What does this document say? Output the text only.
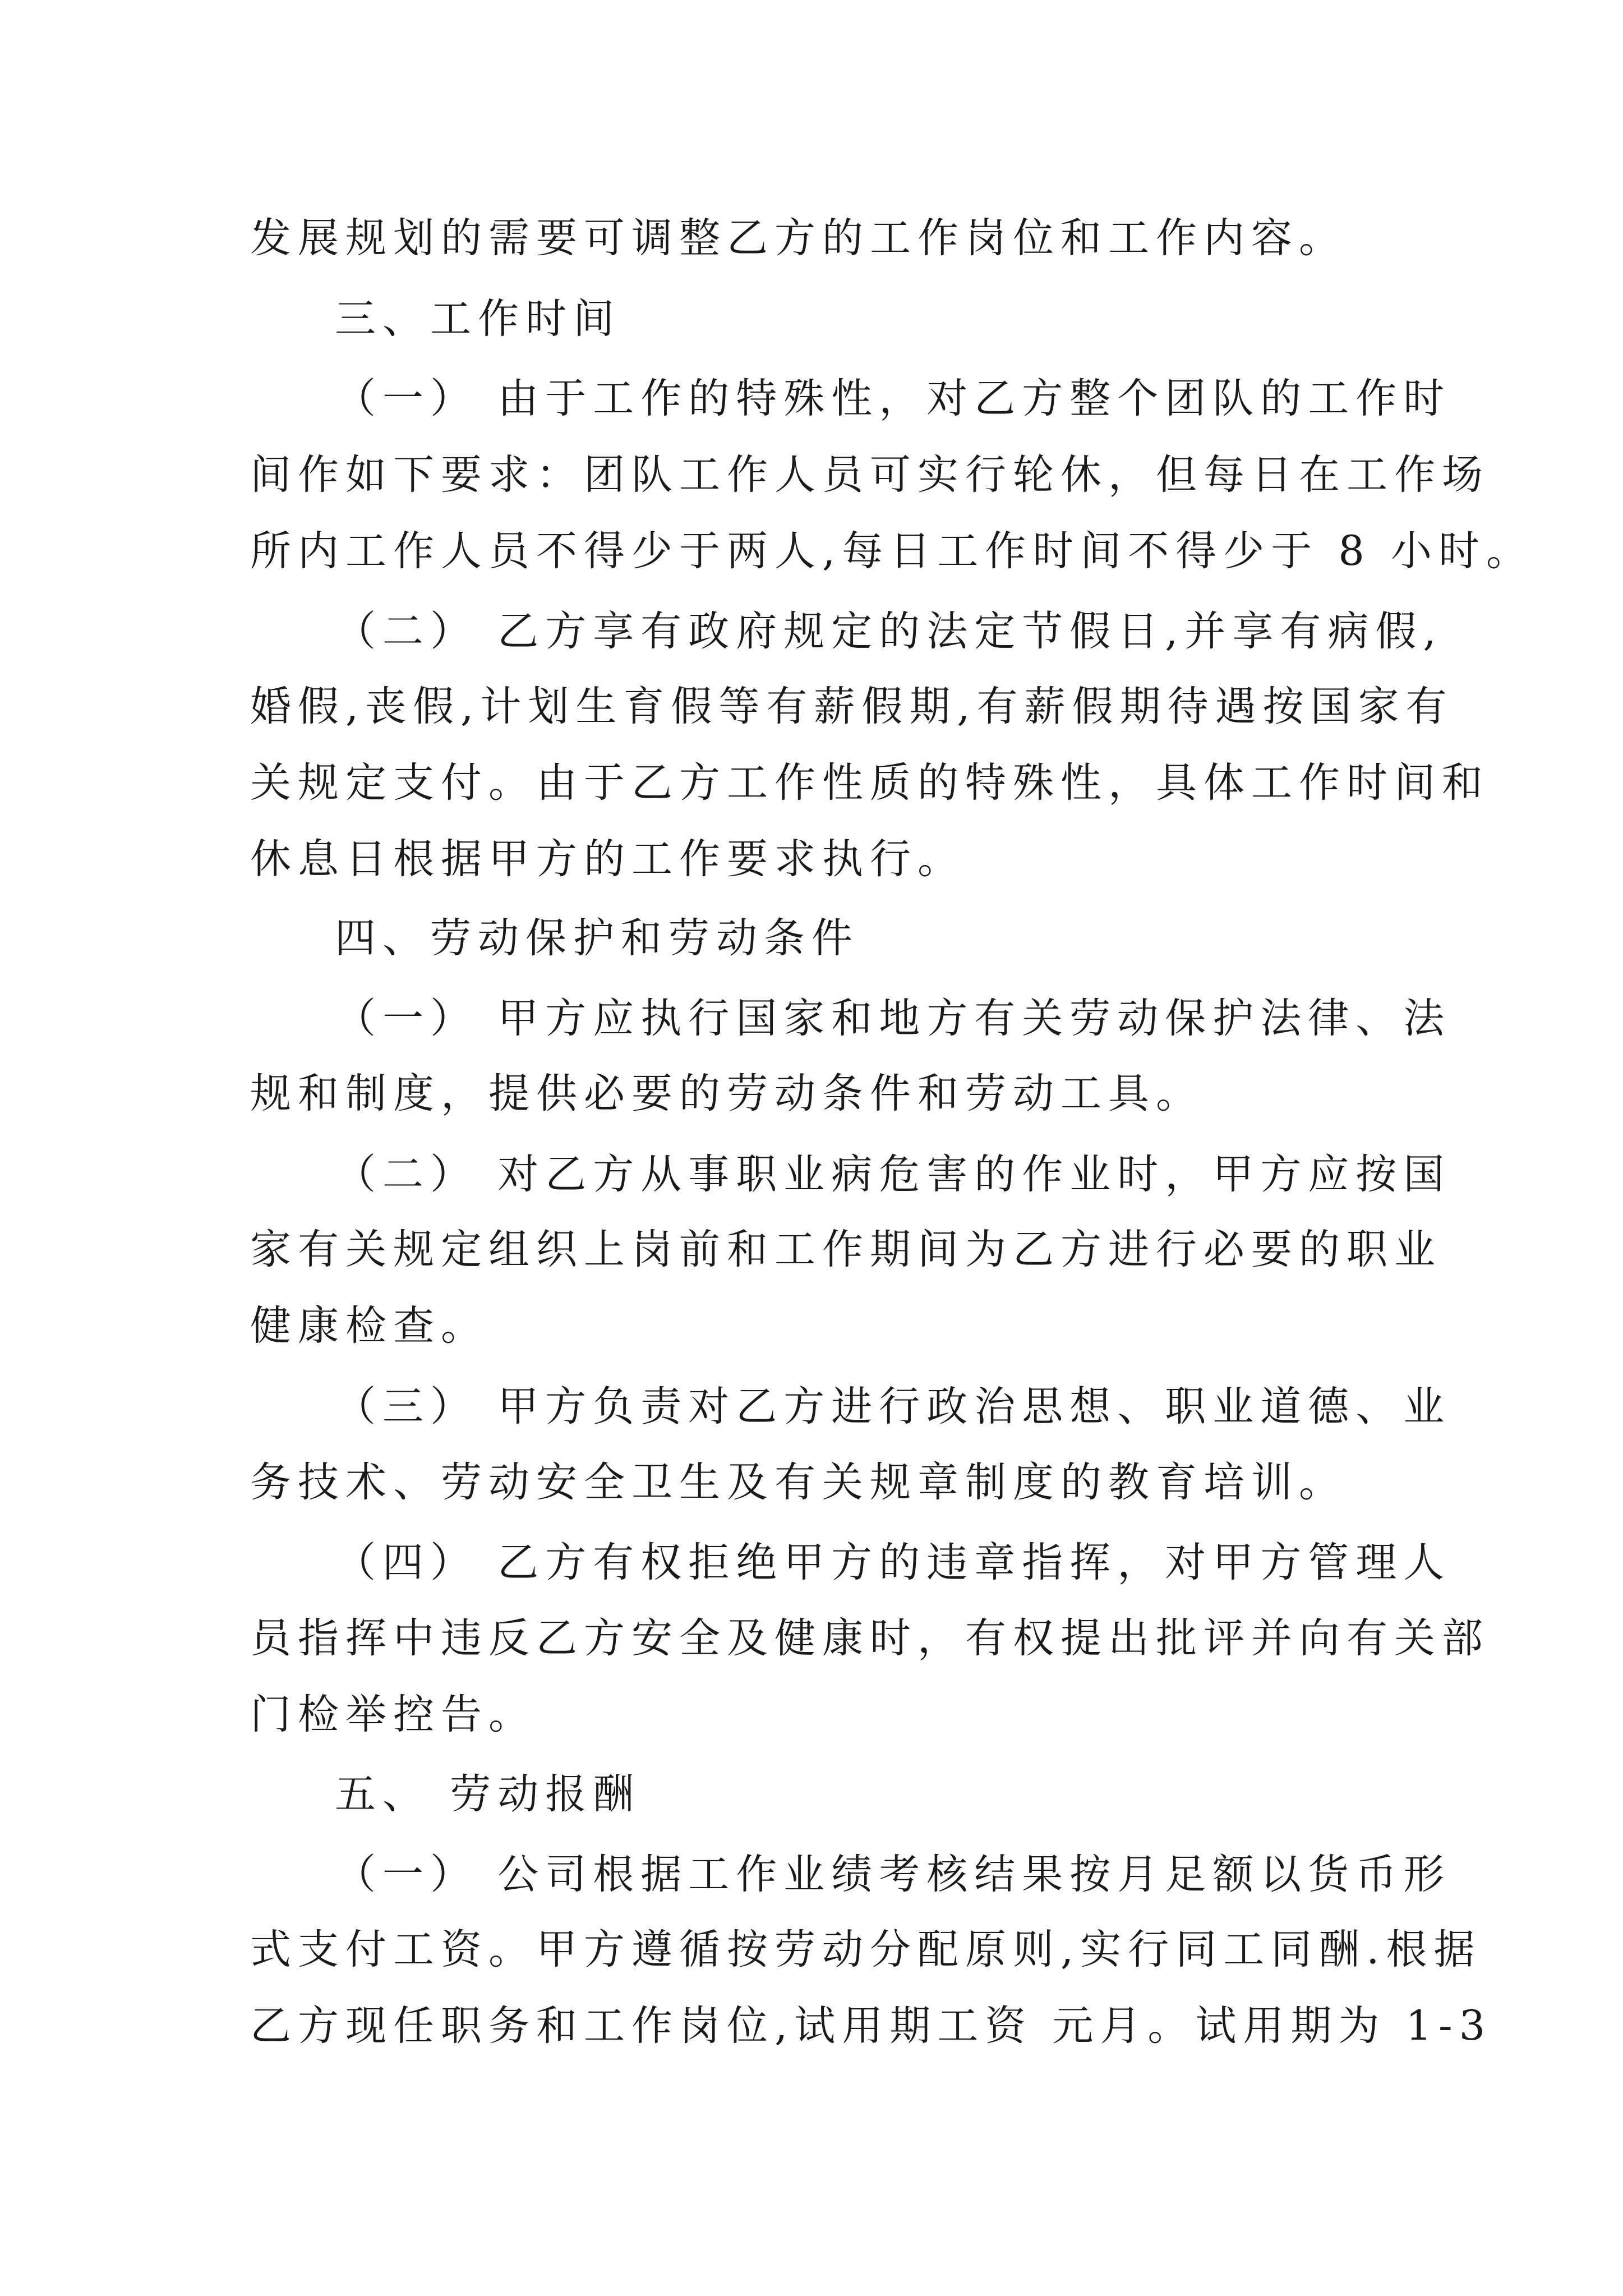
发展规划的需要可调整乙方的工作岗位和工作内容。
三、工作时间
（一） 由于工作的特殊性，对乙方整个团队的工作时
间作如下要求：团队工作人员可实行轮休，但每日在工作场
所内工作人员不得少于两人,每日工作时间不得少于 8 小时。
（二） 乙方享有政府规定的法定节假日,并享有病假,
婚假,丧假,计划生育假等有薪假期,有薪假期待遇按国家有
关规定支付。由于乙方工作性质的特殊性，具体工作时间和
休息日根据甲方的工作要求执行。
四、劳动保护和劳动条件
（一） 甲方应执行国家和地方有关劳动保护法律、法
规和制度，提供必要的劳动条件和劳动工具。
（二） 对乙方从事职业病危害的作业时，甲方应按国
家有关规定组织上岗前和工作期间为乙方进行必要的职业
健康检查。
（三） 甲方负责对乙方进行政治思想、职业道德、业
务技术、劳动安全卫生及有关规章制度的教育培训。
（四） 乙方有权拒绝甲方的违章指挥，对甲方管理人
员指挥中违反乙方安全及健康时，有权提出批评并向有关部
门检举控告。
五、 劳动报酬
（一） 公司根据工作业绩考核结果按月足额以货币形
式支付工资。甲方遵循按劳动分配原则,实行同工同酬.根据
乙方现任职务和工作岗位,试用期工资 元月。试用期为 1-3
